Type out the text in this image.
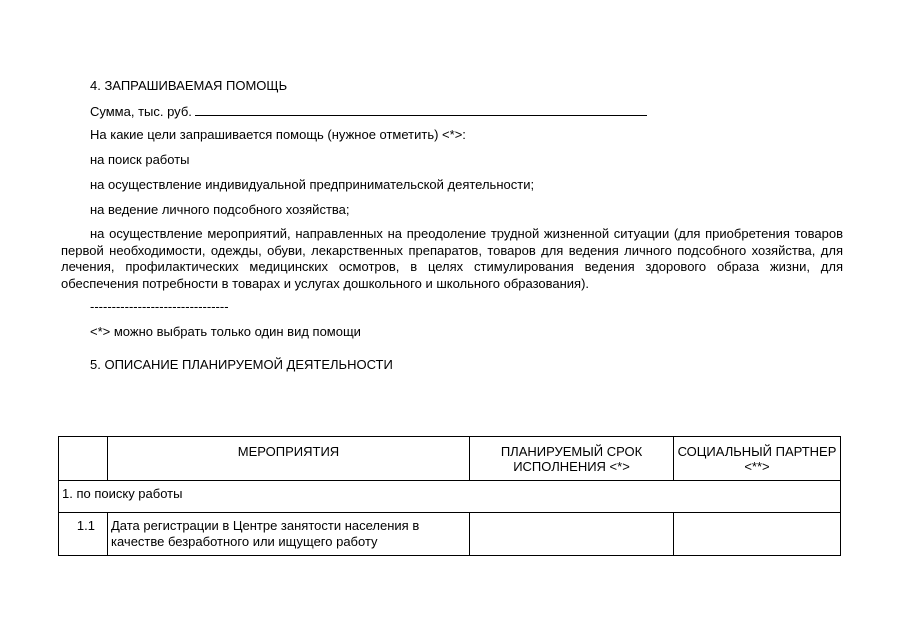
4. ЗАПРАШИВАЕМАЯ ПОМОЩЬ
Сумма, тыс. руб.
На какие цели запрашивается помощь (нужное отметить) <*>:
на поиск работы
на осуществление индивидуальной предпринимательской деятельности;
на ведение личного подсобного хозяйства;
на осуществление мероприятий, направленных на преодоление трудной жизненной ситуации (для приобретения товаров первой необходимости, одежды, обуви, лекарственных препаратов, товаров для ведения личного подсобного хозяйства, для лечения, профилактических медицинских осмотров, в целях стимулирования ведения здорового образа жизни, для обеспечения потребности в товарах и услугах дошкольного и школьного образования).
--------------------------------
<*> можно выбрать только один вид помощи
5. ОПИСАНИЕ ПЛАНИРУЕМОЙ ДЕЯТЕЛЬНОСТИ
	МЕРОПРИЯТИЯ	ПЛАНИРУЕМЫЙ СРОК ИСПОЛНЕНИЯ <*>	СОЦИАЛЬНЫЙ ПАРТНЕР <**>
1. по поиску работы			
1.1	Дата регистрации в Центре занятости населения в качестве безработного или ищущего работу		
